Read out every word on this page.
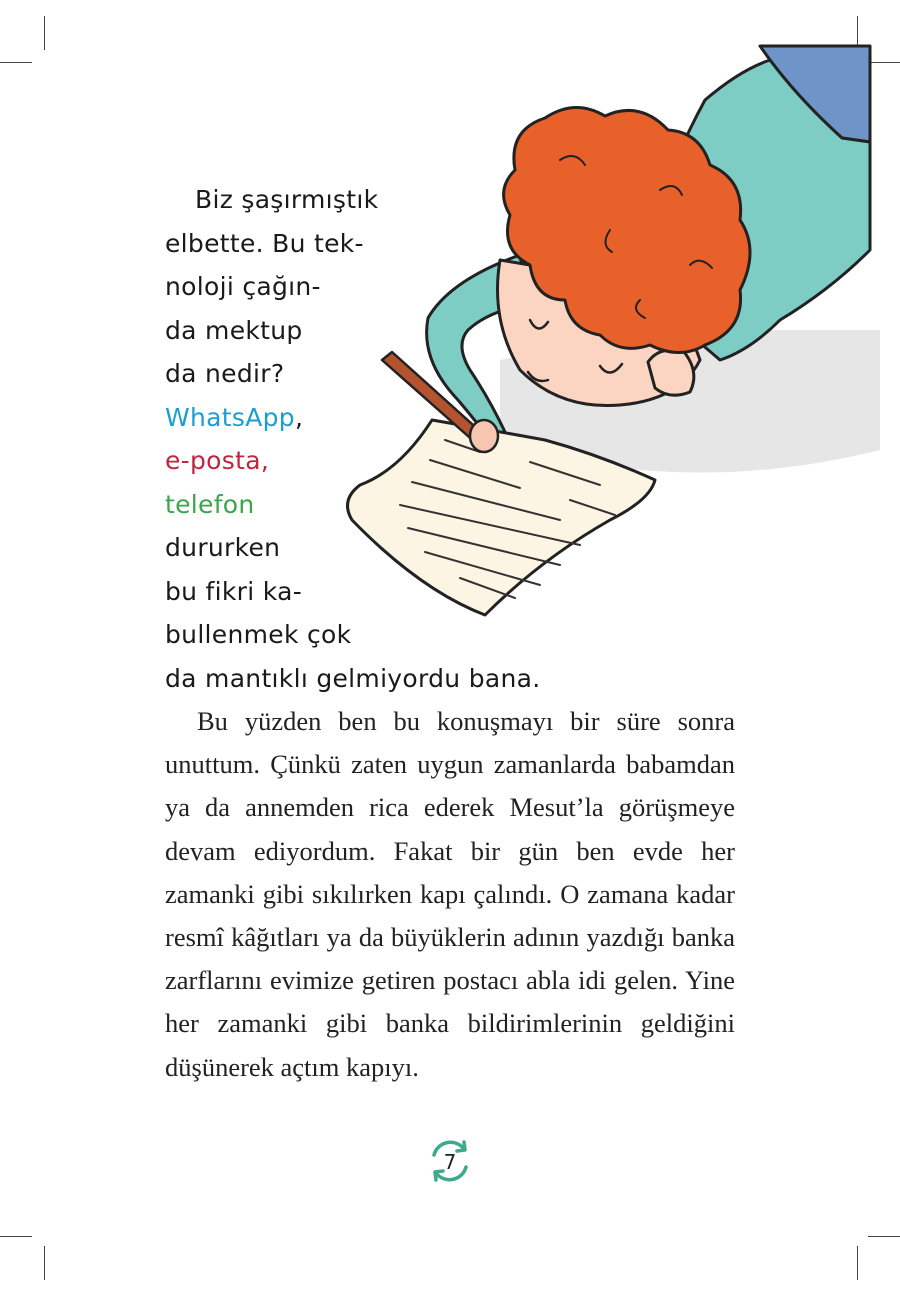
Biz şaşırmıştık
elbette. Bu tek-
noloji çağın-
da mektup
da nedir?
WhatsApp,
e-posta,
telefon
dururken
bu fikri ka-
bullenmek çok
da mantıklı gelmiyordu bana.

Bu yüzden ben bu konuşmayı bir süre sonra unuttum. Çünkü zaten uygun zamanlarda babamdan ya da annemden rica ederek Mesut’la görüşmeye devam ediyordum. Fakat bir gün ben evde her zamanki gibi sıkılırken kapı çalındı. O zamana kadar resmî kâğıtları ya da büyüklerin adının yazdığı banka zarflarını evimize getiren postacı abla idi gelen. Yine her zamanki gibi banka bildirimlerinin geldiğini düşünerek açtım kapıyı.

7
